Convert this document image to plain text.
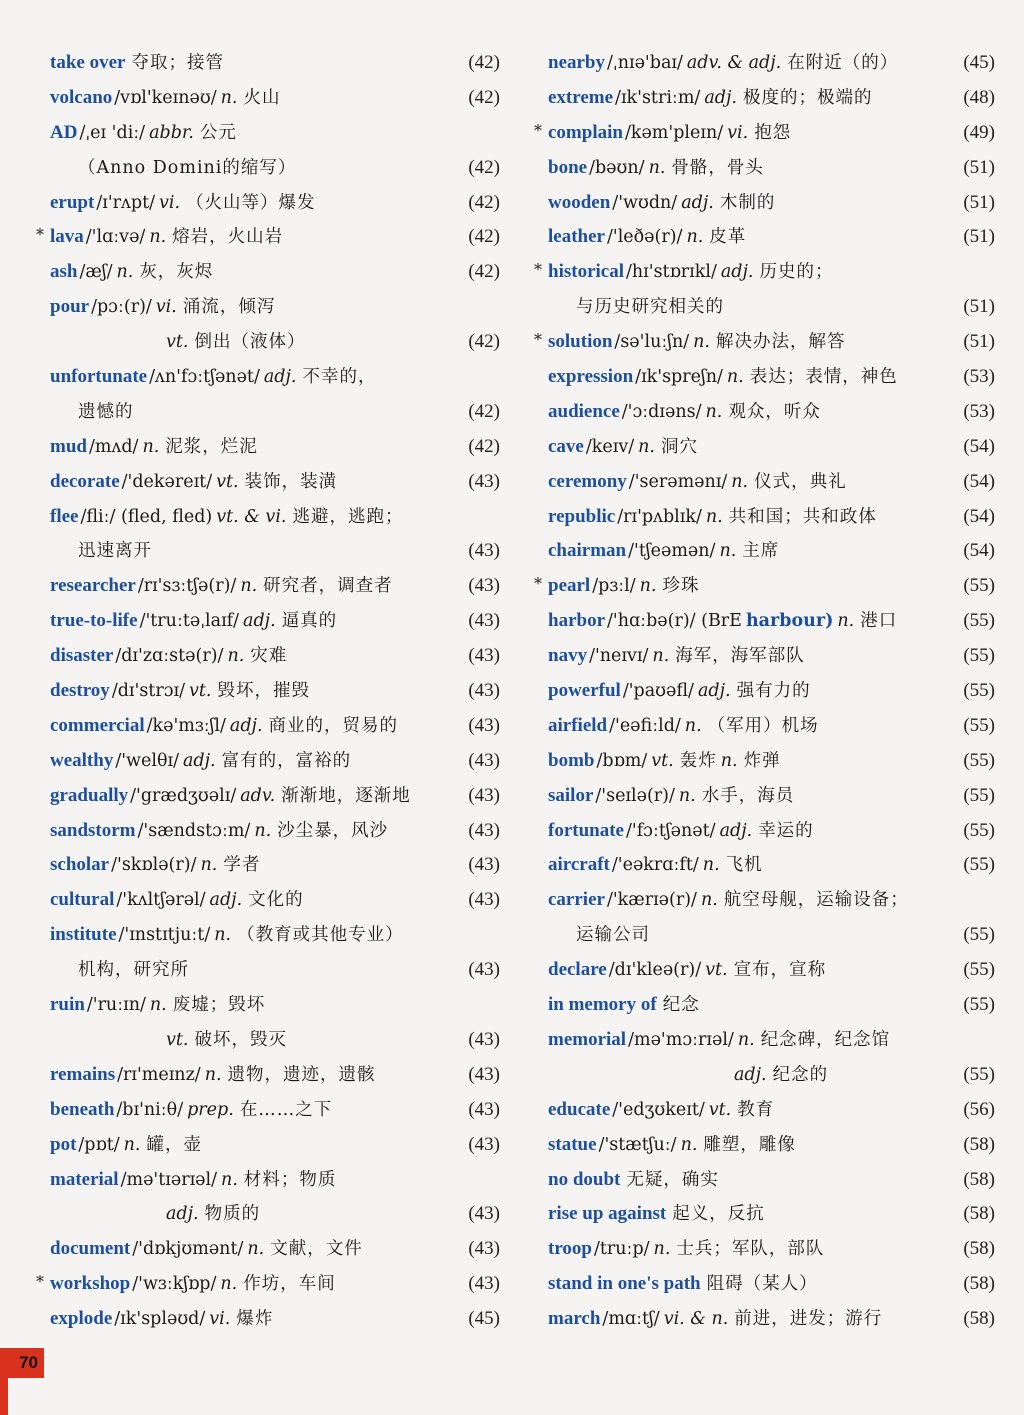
take over 夺取；接管	(42)
volcano /vɒl'keɪnəʊ/ n. 火山	(42)
AD /ˌeɪ 'diː/ abbr. 公元
（Anno Domini的缩写）	(42)
erupt /ɪ'rʌpt/ vi. （火山等）爆发	(42)
* lava /'lɑːvə/ n. 熔岩，火山岩	(42)
ash /æʃ/ n. 灰，灰烬	(42)
pour /pɔː(r)/ vi. 涌流，倾泻
vt. 倒出（液体）	(42)
unfortunate /ʌn'fɔːtʃənət/ adj. 不幸的，
遗憾的	(42)
mud /mʌd/ n. 泥浆，烂泥	(42)
decorate /'dekəreɪt/ vt. 装饰，装潢	(43)
flee /fliː/ (fled, fled) vt. & vi. 逃避，逃跑；
迅速离开	(43)
researcher /rɪ'sɜːtʃə(r)/ n. 研究者，调查者	(43)
true-to-life /'truːtəˌlaɪf/ adj. 逼真的	(43)
disaster /dɪ'zɑːstə(r)/ n. 灾难	(43)
destroy /dɪ'strɔɪ/ vt. 毁坏，摧毁	(43)
commercial /kə'mɜːʃl/ adj. 商业的，贸易的	(43)
wealthy /'welθɪ/ adj. 富有的，富裕的	(43)
gradually /'grædʒʊəlɪ/ adv. 渐渐地，逐渐地	(43)
sandstorm /'sændstɔːm/ n. 沙尘暴，风沙	(43)
scholar /'skɒlə(r)/ n. 学者	(43)
cultural /'kʌltʃərəl/ adj. 文化的	(43)
institute /'ɪnstɪtjuːt/ n. （教育或其他专业）
机构，研究所	(43)
ruin /'ruːɪn/ n. 废墟；毁坏
vt. 破坏，毁灭	(43)
remains /rɪ'meɪnz/ n. 遗物，遗迹，遗骸	(43)
beneath /bɪ'niːθ/ prep. 在……之下	(43)
pot /pɒt/ n. 罐，壶	(43)
material /mə'tɪərɪəl/ n. 材料；物质
adj. 物质的	(43)
document /'dɒkjʊmənt/ n. 文献，文件	(43)
* workshop /'wɜːkʃɒp/ n. 作坊，车间	(43)
explode /ɪk'spləʊd/ vi. 爆炸	(45)
nearby /ˌnɪə'baɪ/ adv. & adj. 在附近（的）	(45)
extreme /ɪk'striːm/ adj. 极度的；极端的	(48)
* complain /kəm'pleɪn/ vi. 抱怨	(49)
bone /bəʊn/ n. 骨骼，骨头	(51)
wooden /'wʊdn/ adj. 木制的	(51)
leather /'leðə(r)/ n. 皮革	(51)
* historical /hɪ'stɒrɪkl/ adj. 历史的；
与历史研究相关的	(51)
* solution /sə'luːʃn/ n. 解决办法，解答	(51)
expression /ɪk'spreʃn/ n. 表达；表情，神色	(53)
audience /'ɔːdɪəns/ n. 观众，听众	(53)
cave /keɪv/ n. 洞穴	(54)
ceremony /'serəmənɪ/ n. 仪式，典礼	(54)
republic /rɪ'pʌblɪk/ n. 共和国；共和政体	(54)
chairman /'tʃeəmən/ n. 主席	(54)
* pearl /pɜːl/ n. 珍珠	(55)
harbor /'hɑːbə(r)/ (BrE harbour) n. 港口	(55)
navy /'neɪvɪ/ n. 海军，海军部队	(55)
powerful /'paʊəfl/ adj. 强有力的	(55)
airfield /'eəfiːld/ n. （军用）机场	(55)
bomb /bɒm/ vt. 轰炸 n. 炸弹	(55)
sailor /'seɪlə(r)/ n. 水手，海员	(55)
fortunate /'fɔːtʃənət/ adj. 幸运的	(55)
aircraft /'eəkrɑːft/ n. 飞机	(55)
carrier /'kærɪə(r)/ n. 航空母舰，运输设备；
运输公司	(55)
declare /dɪ'kleə(r)/ vt. 宣布，宣称	(55)
in memory of 纪念	(55)
memorial /mə'mɔːrɪəl/ n. 纪念碑，纪念馆
adj. 纪念的	(55)
educate /'edʒʊkeɪt/ vt. 教育	(56)
statue /'stætʃuː/ n. 雕塑，雕像	(58)
no doubt 无疑，确实	(58)
rise up against 起义，反抗	(58)
troop /truːp/ n. 士兵；军队，部队	(58)
stand in one's path 阻碍（某人）	(58)
march /mɑːtʃ/ vi. & n. 前进，进发；游行	(58)
70
